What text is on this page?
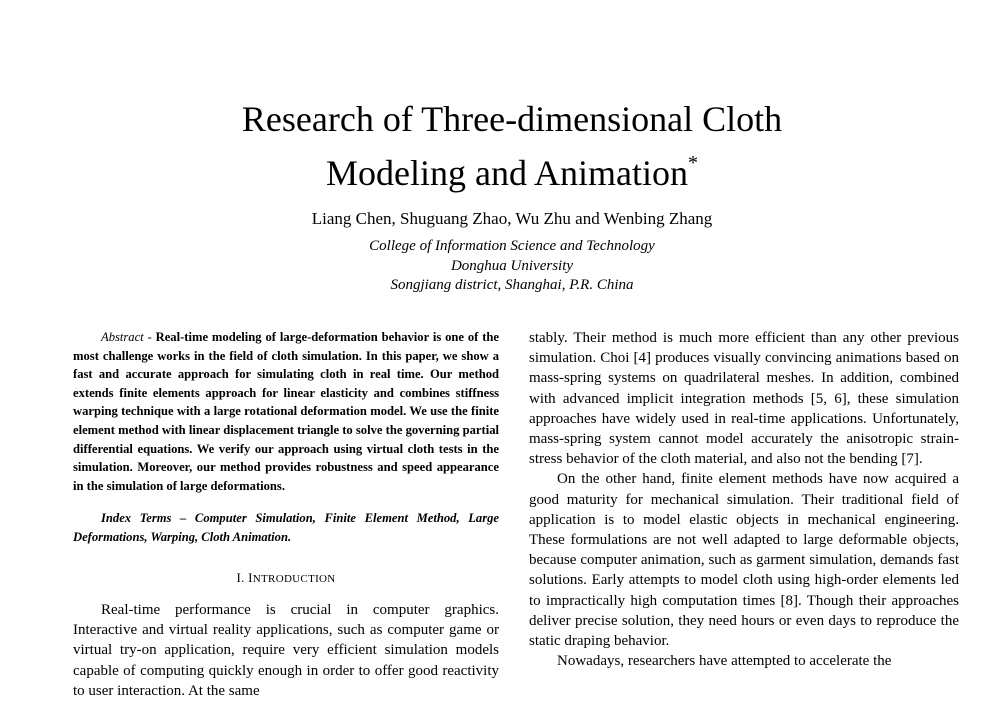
Research of Three-dimensional Cloth
Modeling and Animation*
Liang Chen, Shuguang Zhao, Wu Zhu and Wenbing Zhang
College of Information Science and Technology
Donghua University
Songjiang district, Shanghai, P.R. China

Abstract - Real-time modeling of large-deformation behavior is one of the most challenge works in the field of cloth simulation. In this paper, we show a fast and accurate approach for simulating cloth in real time. Our method extends finite elements approach for linear elasticity and combines stiffness warping technique with a large rotational deformation model. We use the finite element method with linear displacement triangle to solve the governing partial differential equations. We verify our approach using virtual cloth tests in the simulation. Moreover, our method provides robustness and speed appearance in the simulation of large deformations.

Index Terms – Computer Simulation, Finite Element Method, Large Deformations, Warping, Cloth Animation.

I. INTRODUCTION

Real-time performance is crucial in computer graphics. Interactive and virtual reality applications, such as computer game or virtual try-on application, require very efficient simulation models capable of computing quickly enough in order to offer good reactivity to user interaction. At the same

stably. Their method is much more efficient than any other previous simulation. Choi [4] produces visually convincing animations based on mass-spring systems on quadrilateral meshes. In addition, combined with advanced implicit integration methods [5, 6], these simulation approaches have widely used in real-time applications. Unfortunately, mass-spring system cannot model accurately the anisotropic strain-stress behavior of the cloth material, and also not the bending [7].

On the other hand, finite element methods have now acquired a good maturity for mechanical simulation. Their traditional field of application is to model elastic objects in mechanical engineering. These formulations are not well adapted to large deformable objects, because computer animation, such as garment simulation, demands fast solutions. Early attempts to model cloth using high-order elements led to impractically high computation times [8]. Though their approaches deliver precise solution, they need hours or even days to reproduce the static draping behavior.

Nowadays, researchers have attempted to accelerate the
